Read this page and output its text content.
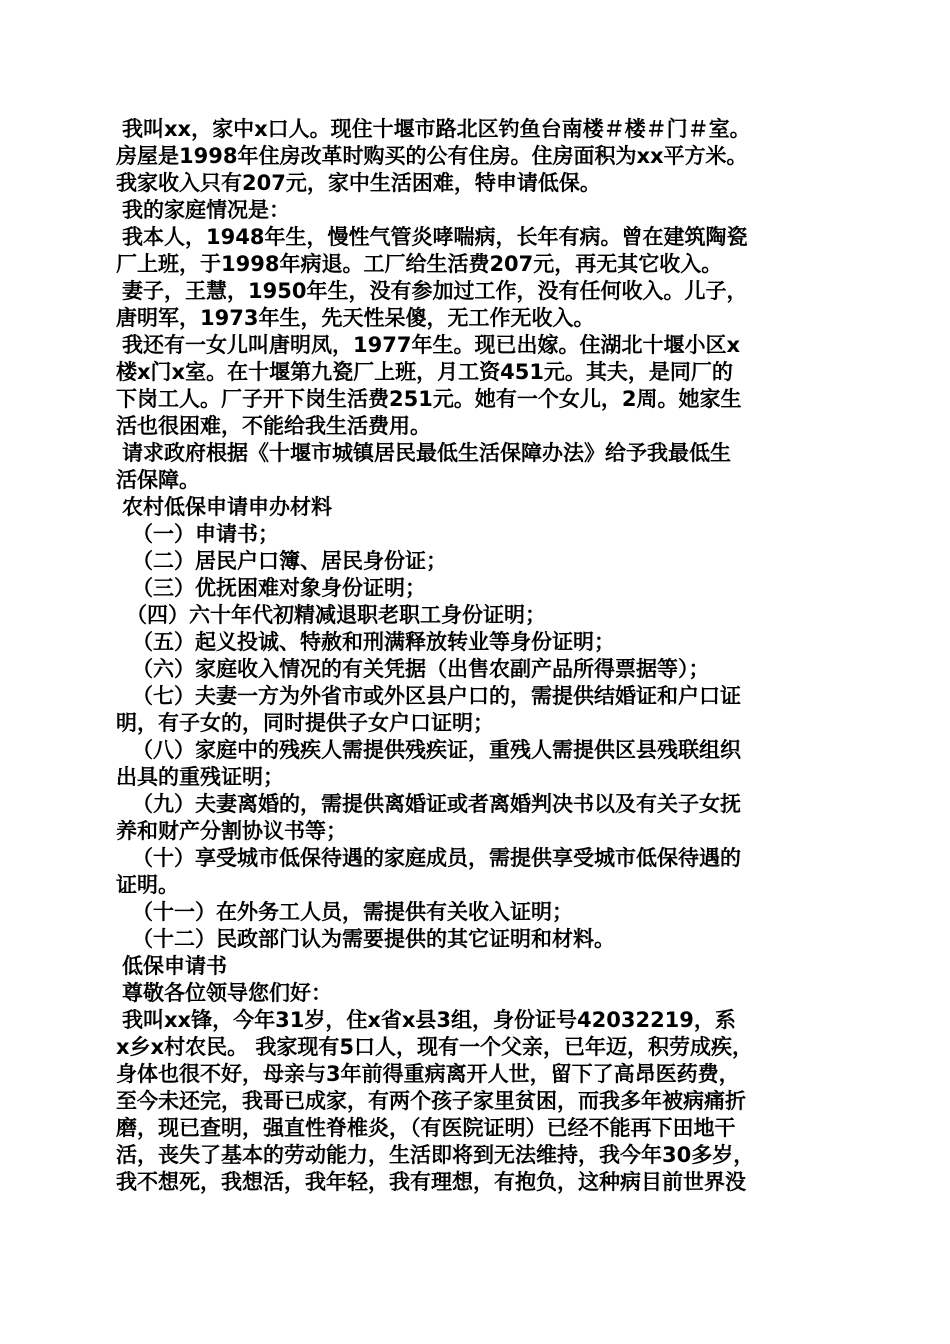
我叫xx，家中x口人。现住十堰市路北区钓鱼台南楼＃楼＃门＃室。
房屋是1998年住房改革时购买的公有住房。住房面积为xx平方米。
我家收入只有207元，家中生活困难，特申请低保。
我的家庭情况是：
我本人，1948年生，慢性气管炎哮喘病，长年有病。曾在建筑陶瓷
厂上班，于1998年病退。工厂给生活费207元，再无其它收入。
妻子，王慧，1950年生，没有参加过工作，没有任何收入。儿子，
唐明军，1973年生，先天性呆傻，无工作无收入。
我还有一女儿叫唐明凤，1977年生。现已出嫁。住湖北十堰小区x
楼x门x室。在十堰第九瓷厂上班，月工资451元。其夫，是同厂的
下岗工人。厂子开下岗生活费251元。她有一个女儿，2周。她家生
活也很困难，不能给我生活费用。
请求政府根据《十堰市城镇居民最低生活保障办法》给予我最低生
活保障。
农村低保申请申办材料
（一）申请书；
（二）居民户口簿、居民身份证；
（三）优抚困难对象身份证明；
（四）六十年代初精减退职老职工身份证明；
（五）起义投诚、特赦和刑满释放转业等身份证明；
（六）家庭收入情况的有关凭据（出售农副产品所得票据等）；
（七）夫妻一方为外省市或外区县户口的，需提供结婚证和户口证
明，有子女的，同时提供子女户口证明；
（八）家庭中的残疾人需提供残疾证，重残人需提供区县残联组织
出具的重残证明；
（九）夫妻离婚的，需提供离婚证或者离婚判决书以及有关子女抚
养和财产分割协议书等；
（十）享受城市低保待遇的家庭成员，需提供享受城市低保待遇的
证明。
（十一）在外务工人员，需提供有关收入证明；
（十二）民政部门认为需要提供的其它证明和材料。
低保申请书
尊敬各位领导您们好：
我叫xx锋，今年31岁，住x省x县3组，身份证号42032219，系
x乡x村农民。 我家现有5口人，现有一个父亲，已年迈，积劳成疾，
身体也很不好，母亲与3年前得重病离开人世，留下了高昂医药费，
至今未还完，我哥已成家，有两个孩子家里贫困，而我多年被病痛折
磨，现已查明，强直性脊椎炎，（有医院证明）已经不能再下田地干
活，丧失了基本的劳动能力，生活即将到无法维持，我今年30多岁，
我不想死，我想活，我年轻，我有理想，有抱负，这种病目前世界没
